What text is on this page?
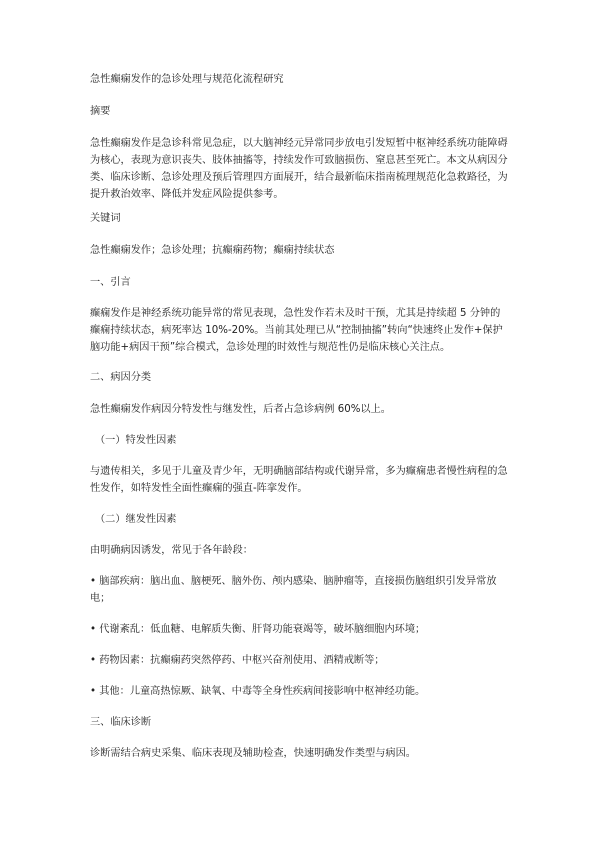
急性癫痫发作的急诊处理与规范化流程研究

摘要

急性癫痫发作是急诊科常见急症，以大脑神经元异常同步放电引发短暂中枢神经系统功能障碍为核心，表现为意识丧失、肢体抽搐等，持续发作可致脑损伤、窒息甚至死亡。本文从病因分类、临床诊断、急诊处理及预后管理四方面展开，结合最新临床指南梳理规范化急救路径，为提升救治效率、降低并发症风险提供参考。

关键词

急性癫痫发作；急诊处理；抗癫痫药物；癫痫持续状态

一、引言

癫痫发作是神经系统功能异常的常见表现，急性发作若未及时干预，尤其是持续超 5 分钟的癫痫持续状态，病死率达 10%-20%。当前其处理已从“控制抽搐”转向“快速终止发作+保护脑功能+病因干预”综合模式，急诊处理的时效性与规范性仍是临床核心关注点。

二、病因分类

急性癫痫发作病因分特发性与继发性，后者占急诊病例 60%以上。

（一）特发性因素

与遗传相关，多见于儿童及青少年，无明确脑部结构或代谢异常，多为癫痫患者慢性病程的急性发作，如特发性全面性癫痫的强直-阵挛发作。

（二）继发性因素

由明确病因诱发，常见于各年龄段：

• 脑部疾病：脑出血、脑梗死、脑外伤、颅内感染、脑肿瘤等，直接损伤脑组织引发异常放电；

• 代谢紊乱：低血糖、电解质失衡、肝肾功能衰竭等，破坏脑细胞内环境；

• 药物因素：抗癫痫药突然停药、中枢兴奋剂使用、酒精戒断等；

• 其他：儿童高热惊厥、缺氧、中毒等全身性疾病间接影响中枢神经功能。

三、临床诊断

诊断需结合病史采集、临床表现及辅助检查，快速明确发作类型与病因。
